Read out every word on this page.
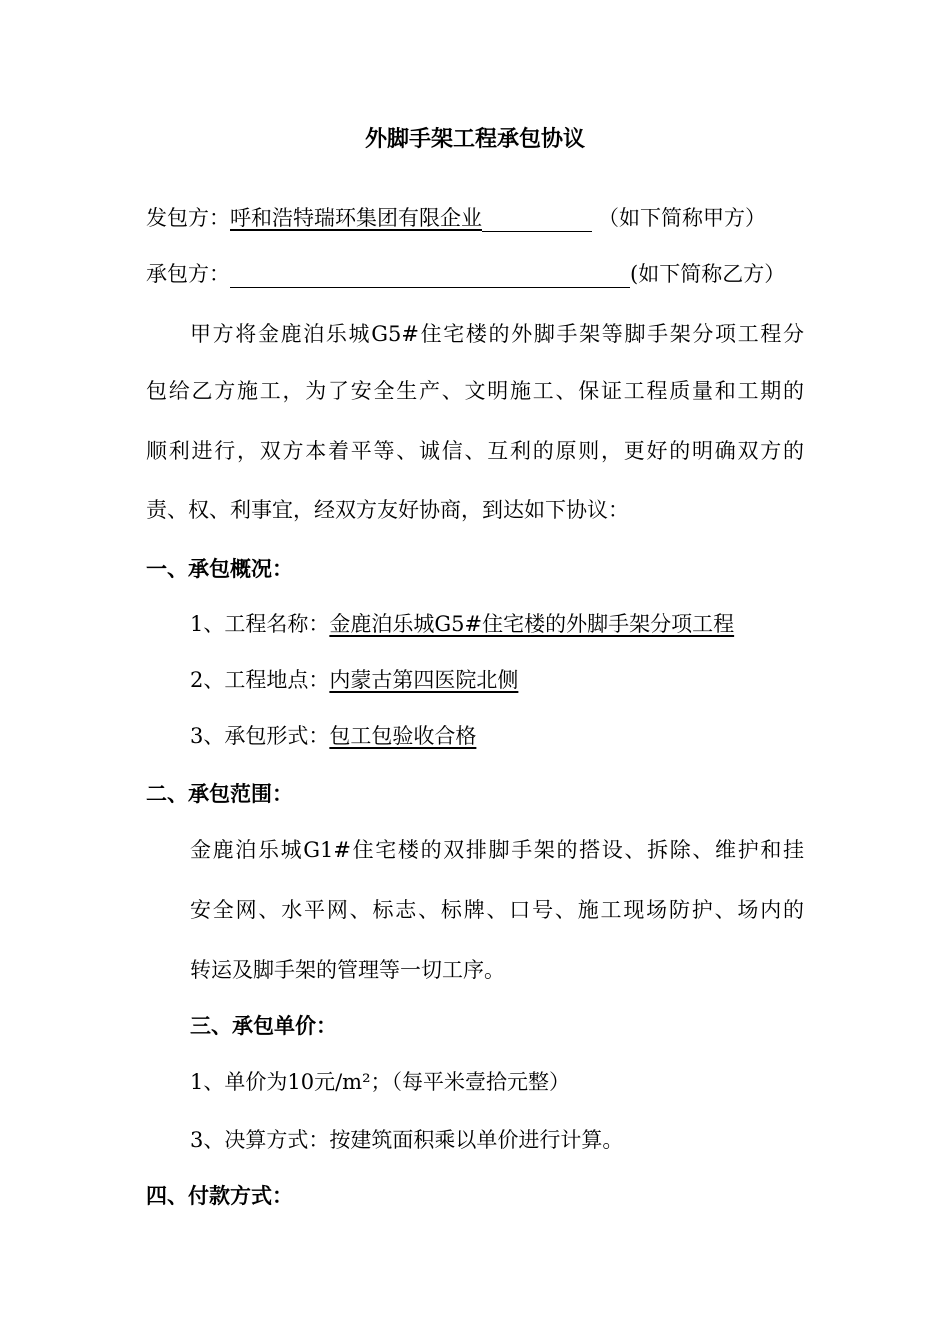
外脚手架工程承包协议
发包方：呼和浩特瑞环集团有限企业	（如下简称甲方）
承包方：	(如下简称乙方）
甲方将金鹿泊乐城G5#住宅楼的外脚手架等脚手架分项工程分
包给乙方施工，为了安全生产、文明施工、保证工程质量和工期的
顺利进行，双方本着平等、诚信、互利的原则，更好的明确双方的
责、权、利事宜，经双方友好协商，到达如下协议：
一、承包概况：
1、工程名称：金鹿泊乐城G5#住宅楼的外脚手架分项工程
2、工程地点：内蒙古第四医院北侧
3、承包形式：包工包验收合格
二、承包范围：
金鹿泊乐城G1#住宅楼的双排脚手架的搭设、拆除、维护和挂
安全网、水平网、标志、标牌、口号、施工现场防护、场内的
转运及脚手架的管理等一切工序。
三、承包单价：
1、单价为10元/m²；（每平米壹拾元整）
3、决算方式：按建筑面积乘以单价进行计算。
四、付款方式：
